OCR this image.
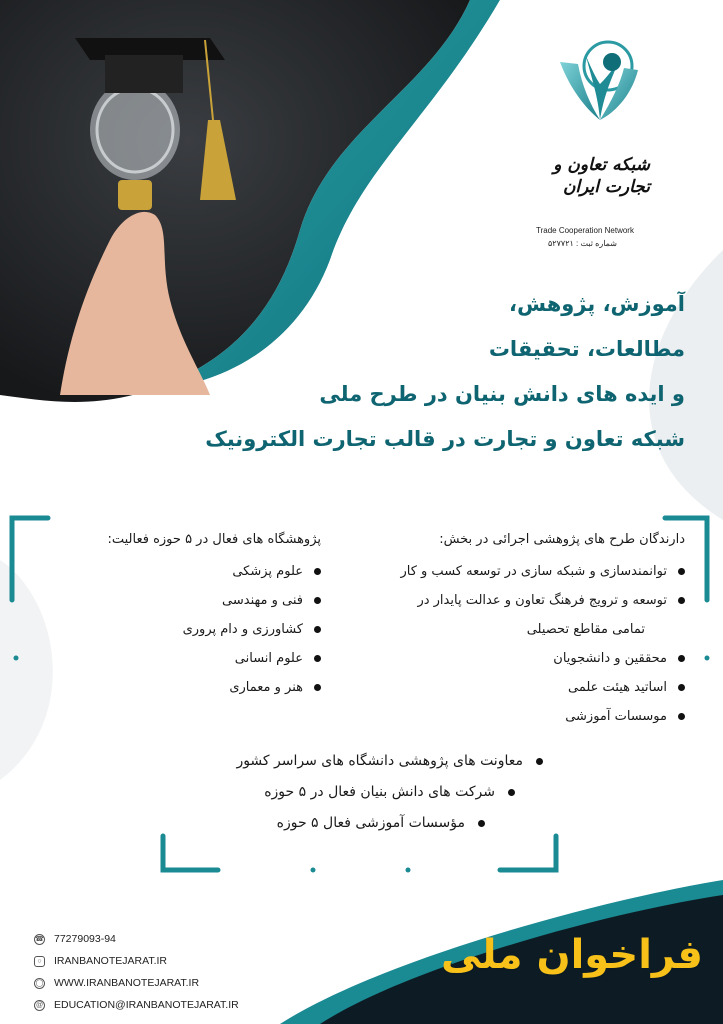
شبکه تعاون و تجارت ایران
Trade Cooperation Network
شماره ثبت : ۵۲۷۷۲۱
آموزش، پژوهش،
مطالعات، تحقیقات
و ایده های دانش بنیان در طرح ملی
شبکه تعاون و تجارت در قالب تجارت الکترونیک
دارندگان طرح های پژوهشی اجرائی در بخش:
توانمندسازی و شبکه سازی در توسعه کسب و کار
توسعه و ترویج فرهنگ تعاون و عدالت پایدار در
تمامی مقاطع تحصیلی
محققین و دانشجویان
اساتید هیئت علمی
موسسات آموزشی
پژوهشگاه های فعال در ۵ حوزه فعالیت:
علوم پزشکی
فنی و مهندسی
کشاورزی و دام پروری
علوم انسانی
هنر و معماری
معاونت های پژوهشی دانشگاه های سراسر کشور
شرکت های دانش بنیان فعال در ۵ حوزه
مؤسسات آموزشی فعال ۵ حوزه
☎ 77279093-94
○	IRANBANOTEJARAT.IR
◯ WWW.IRANBANOTEJARAT.IR
@ EDUCATION@IRANBANOTEJARAT.IR
فراخوان ملی
